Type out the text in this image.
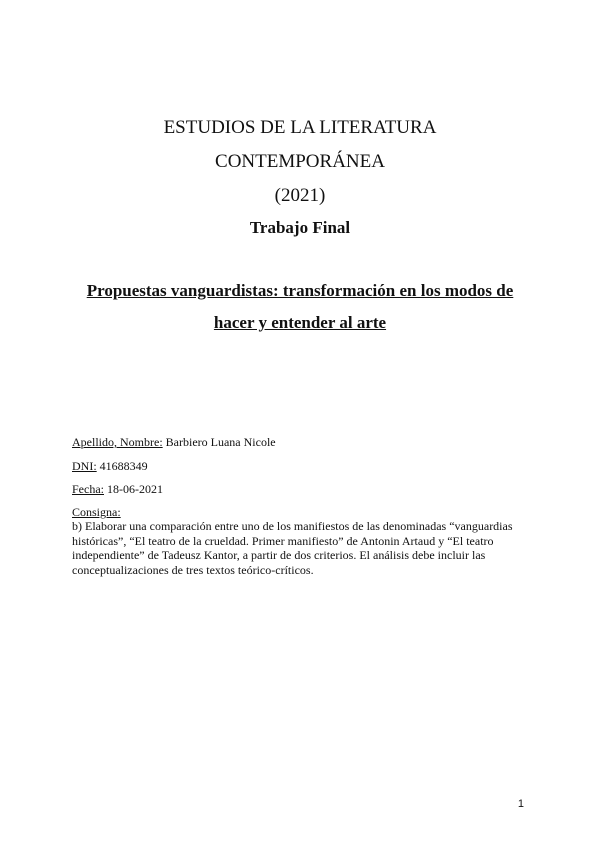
ESTUDIOS DE LA LITERATURA
CONTEMPORÁNEA
(2021)
Trabajo Final
Propuestas vanguardistas: transformación en los modos de
hacer y entender al arte
Apellido, Nombre: Barbiero Luana Nicole
DNI: 41688349
Fecha: 18-06-2021
Consigna:
b) Elaborar una comparación entre uno de los manifiestos de las denominadas “vanguardias históricas”, “El teatro de la crueldad. Primer manifiesto” de Antonin Artaud y “El teatro independiente” de Tadeusz Kantor, a partir de dos criterios. El análisis debe incluir las conceptualizaciones de tres textos teórico-críticos.
1
